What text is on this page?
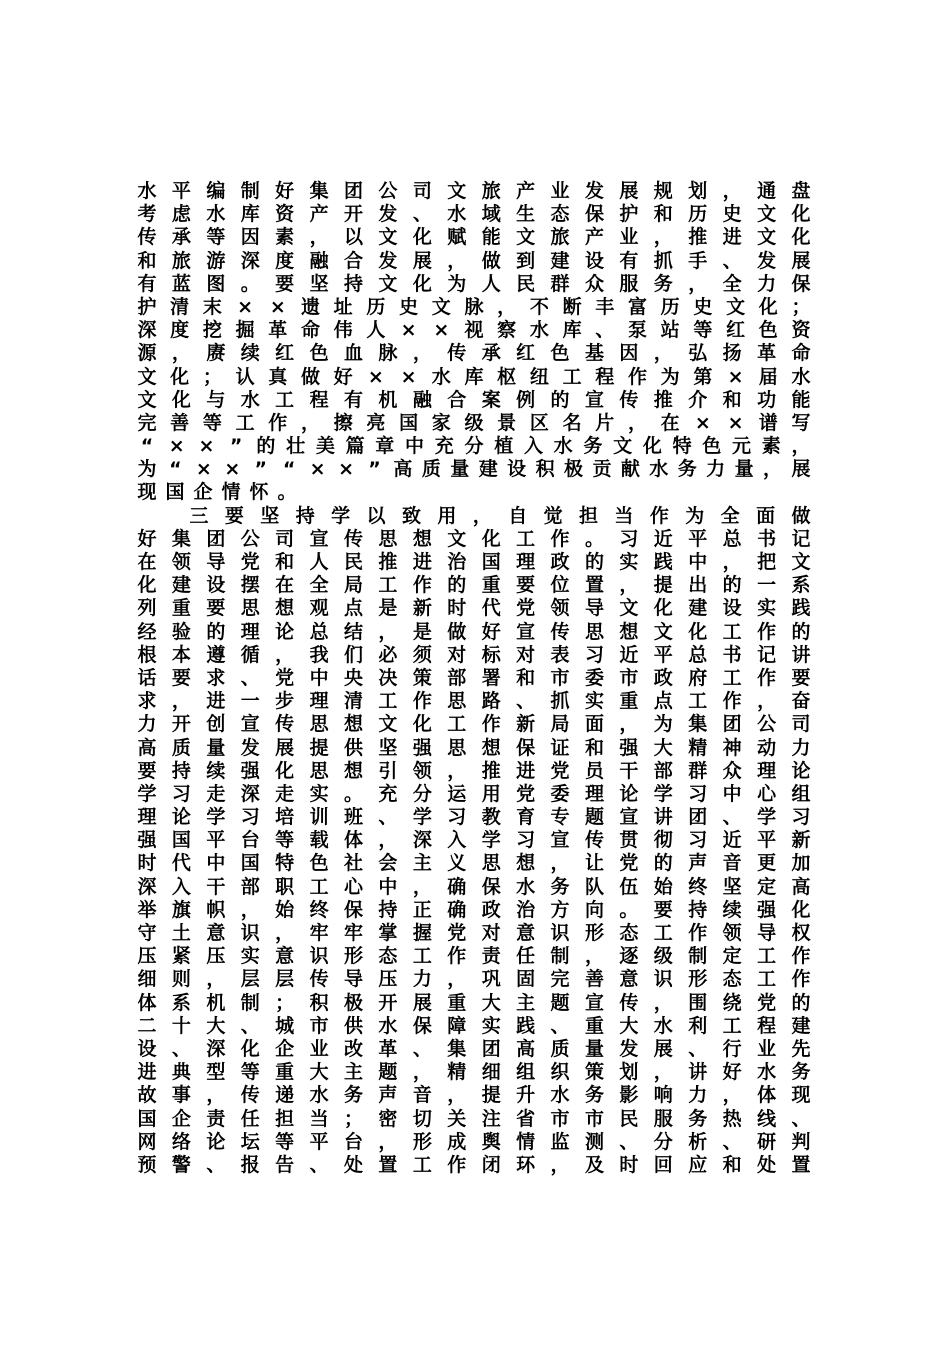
水 平 编 制 好 集 团 公 司 文 旅 产 业 发 展 规 划 ， 通 盘
考 虑 水 库 资 产 开 发 、 水 域 生 态 保 护 和 历 史 文 化
传 承 等 因 素 ， 以 文 化 赋 能 文 旅 产 业 ， 推 进 文 化
和 旅 游 深 度 融 合 发 展 ， 做 到 建 设 有 抓 手 、 发 展
有 蓝 图 。 要 坚 持 文 化 为 人 民 群 众 服 务 ， 全 力 保
护 清 末 × × 遗 址 历 史 文 脉 ， 不 断 丰 富 历 史 文 化 ；
深 度 挖 掘 革 命 伟 人 × × 视 察 水 库 、 泵 站 等 红 色 资
源 ， 赓 续 红 色 血 脉 ， 传 承 红 色 基 因 ， 弘 扬 革 命
文 化 ； 认 真 做 好 × × 水 库 枢 纽 工 程 作 为 第 × 届 水
文 化 与 水 工 程 有 机 融 合 案 例 的 宣 传 推 介 和 功 能
完 善 等 工 作 ， 擦 亮 国 家 级 景 区 名 片 ， 在 × × 谱 写
“ × × ” 的 壮 美 篇 章 中 充 分 植 入 水 务 文 化 特 色 元 素 ，
为 “ × × ” “ × × ” 高 质 量 建 设 积 极 贡 献 水 务 力 量 ， 展
现 国 企 情 怀 。
三 要 坚 持 学 以 致 用 ， 自 觉 担 当 作 为 全 面 做
好 集 团 公 司 宣 传 思 想 文 化 工 作 。 习 近 平 总 书 记
在 领 导 党 和 人 民 推 进 治 国 理 政 的 实 践 中 ， 把 文
化 建 设 摆 在 全 局 工 作 的 重 要 位 置 ， 提 出 的 一 系
列 重 要 思 想 观 点 是 新 时 代 党 领 导 文 化 建 设 实 践
经 验 的 理 论 总 结 ， 是 做 好 宣 传 思 想 文 化 工 作 的
根 本 遵 循 ， 我 们 必 须 对 标 对 表 习 近 平 总 书 记 讲
话 要 求 、 党 中 央 决 策 部 署 和 市 委 市 政 府 工 作 要
求 ， 进 一 步 理 清 工 作 思 路 、 抓 实 重 点 工 作 ， 奋
力 开 创 宣 传 思 想 文 化 工 作 新 局 面 ， 为 集 团 公 司
高 质 量 发 展 提 供 坚 强 思 想 保 证 和 强 大 精 神 动 力
要 持 续 强 化 思 想 引 领 ， 推 进 党 员 干 部 群 众 理 论
学 习 走 深 走 实 。 充 分 运 用 党 委 理 论 学 习 中 心 组
理 论 学 习 培 训 班 、 学 习 教 育 专 题 宣 讲 团 、 学 习
强 国 平 台 等 载 体 ， 深 入 学 习 宣 传 贯 彻 习 近 平 新
时 代 中 国 特 色 社 会 主 义 思 想 ， 让 党 的 声 音 更 加
深 入 干 部 职 工 心 中 ， 确 保 水 务 队 伍 始 终 坚 定 高
举 旗 帜 ， 始 终 保 持 正 确 政 治 方 向 。 要 持 续 强 化
守 土 意 识 ， 牢 牢 掌 握 党 对 意 识 形 态 工 作 领 导 权
压 紧 压 实 意 识 形 态 工 作 责 任 制 ， 逐 级 制 定 工 作
细 则 ， 层 层 传 导 压 力 ， 巩 固 完 善 意 识 形 态 工 作
体 系 机 制 ； 积 极 开 展 重 大 主 题 宣 传 ， 围 绕 党 的
二 十 大 、 城 市 供 水 保 障 实 践 、 重 大 水 利 工 程 建
设 、 深 化 企 业 改 革 、 集 团 高 质 量 发 展 、 行 业 先
进 典 型 等 重 大 主 题 ， 精 细 组 织 策 划 ， 讲 好 水 务
故 事 ， 传 递 水 务 声 音 ， 提 升 水 务 影 响 力 ， 体 现
国 企 责 任 担 当 ； 密 切 关 注 省 市 市 民 服 务 热 线 、
网 络 论 坛 等 平 台 ， 形 成 舆 情 监 测 、 分 析 、 研 判
预 警 、 报 告 、 处 置 工 作 闭 环 ， 及 时 回 应 和 处 置
